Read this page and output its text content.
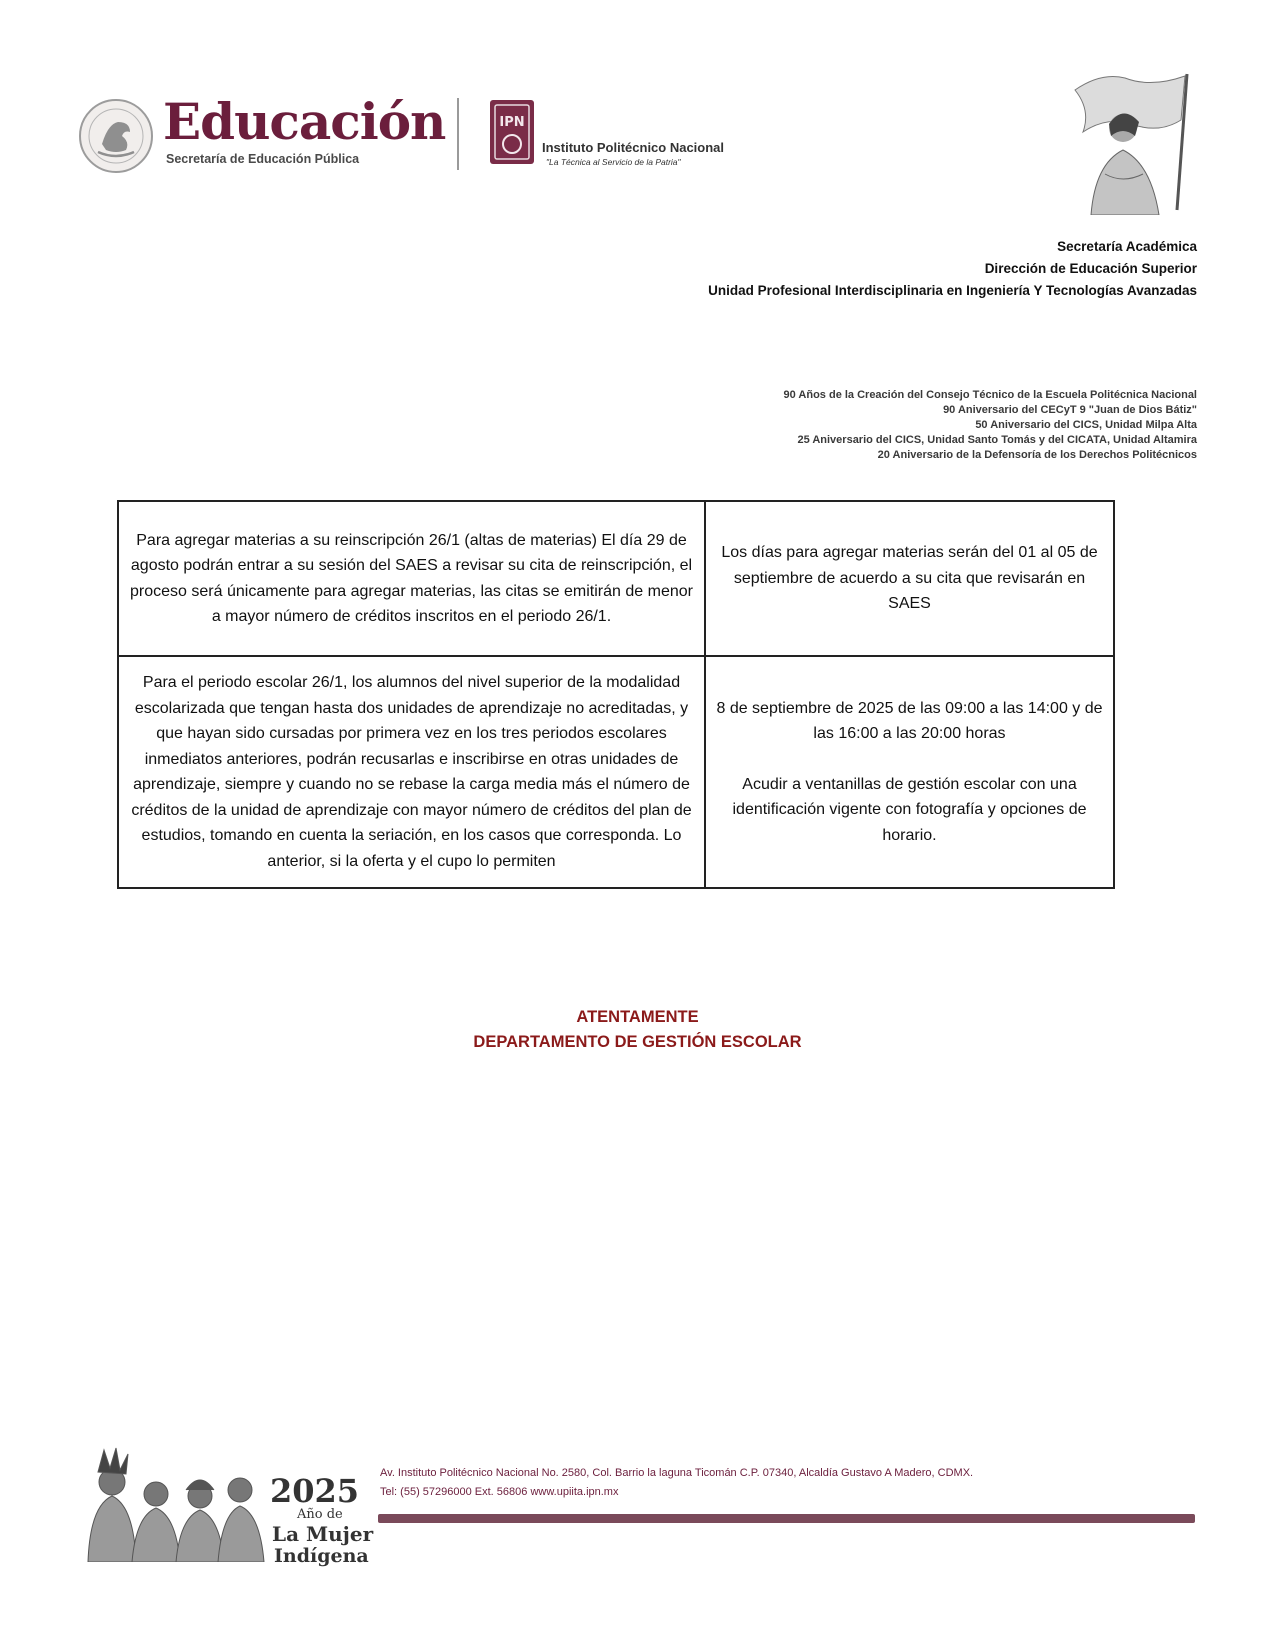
Educación
Secretaría de Educación Pública
IPN
Instituto Politécnico Nacional
"La Técnica al Servicio de la Patria"
Secretaría Académica
Dirección de Educación Superior
Unidad Profesional Interdisciplinaria en Ingeniería Y Tecnologías Avanzadas
90 Años de la Creación del Consejo Técnico de la Escuela Politécnica Nacional
90 Aniversario del CECyT 9 "Juan de Dios Bátiz"
50 Aniversario del CICS, Unidad Milpa Alta
25 Aniversario del CICS, Unidad Santo Tomás y del CICATA, Unidad Altamira
20 Aniversario de la Defensoría de los Derechos Politécnicos
Para agregar materias a su reinscripción 26/1 (altas de materias) El día 29 de agosto podrán entrar a su sesión del SAES a revisar su cita de reinscripción, el proceso será únicamente para agregar materias, las citas se emitirán de menor a mayor número de créditos inscritos en el periodo 26/1.	Los días para agregar materias serán del 01 al 05 de septiembre de acuerdo a su cita que revisarán en SAES
Para el periodo escolar 26/1, los alumnos del nivel superior de la modalidad escolarizada que tengan hasta dos unidades de aprendizaje no acreditadas, y que hayan sido cursadas por primera vez en los tres periodos escolares inmediatos anteriores, podrán recusarlas e inscribirse en otras unidades de aprendizaje, siempre y cuando no se rebase la carga media más el número de créditos de la unidad de aprendizaje con mayor número de créditos del plan de estudios, tomando en cuenta la seriación, en los casos que corresponda. Lo anterior, si la oferta y el cupo lo permiten	8 de septiembre de 2025 de las 09:00 a las 14:00 y de las 16:00 a las 20:00 horas
Acudir a ventanillas de gestión escolar con una identificación vigente con fotografía y opciones de horario.
ATENTAMENTE
DEPARTAMENTO DE GESTIÓN ESCOLAR
2025
Año de
La Mujer
Indígena
Av. Instituto Politécnico Nacional No. 2580, Col. Barrio la laguna Ticomán C.P. 07340, Alcaldía Gustavo A Madero, CDMX.
Tel: (55) 57296000 Ext. 56806 www.upiita.ipn.mx
